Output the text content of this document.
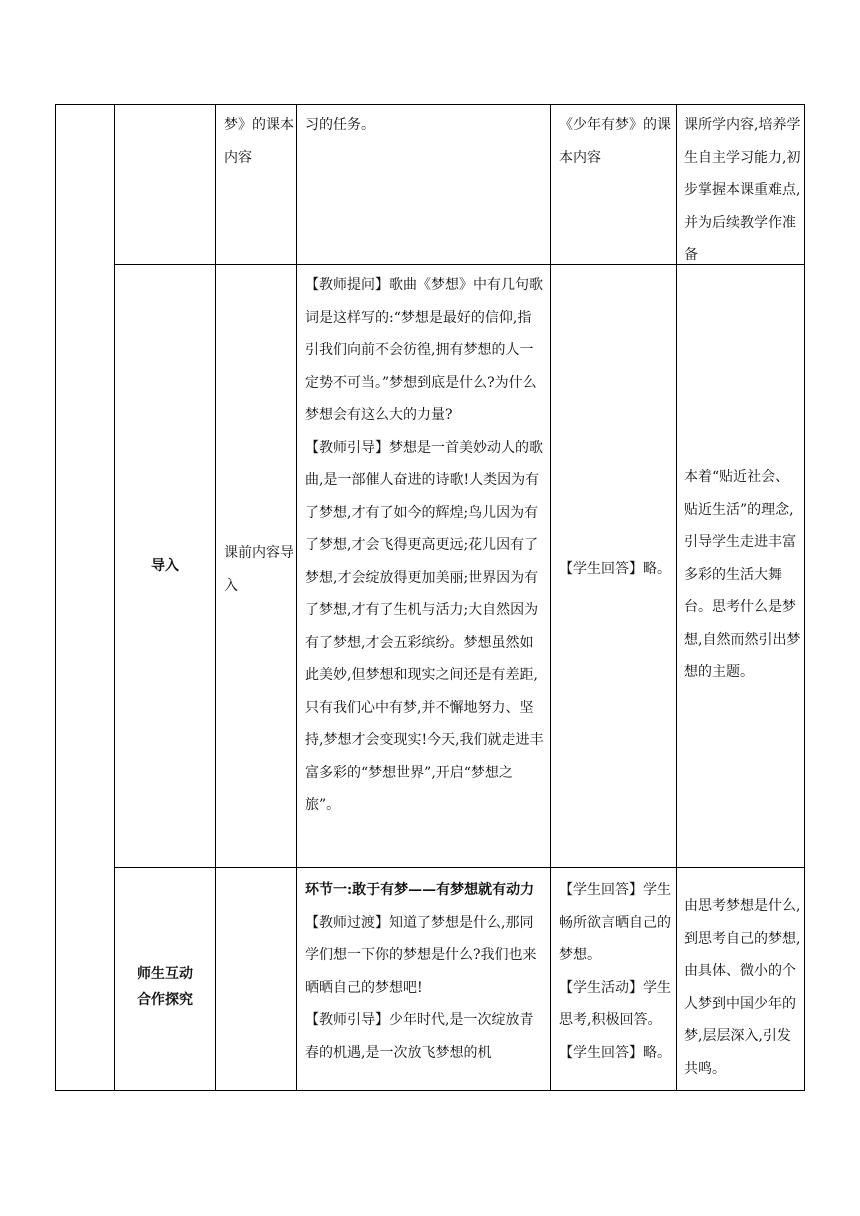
梦》的课本内容

习的任务。	《少年有梦》的课本内容

课所学内容,培养学生自主学习能力,初步掌握本课重难点,并为后续教学作准备

导入

课前内容导入

【教师提问】歌曲《梦想》中有几句歌词是这样写的:“梦想是最好的信仰,指引我们向前不会彷徨,拥有梦想的人一定势不可当。”梦想到底是什么?为什么梦想会有这么大的力量?

【教师引导】梦想是一首美妙动人的歌曲,是一部催人奋进的诗歌!人类因为有了梦想,才有了如今的辉煌;鸟儿因为有了梦想,才会飞得更高更远;花儿因有了梦想,才会绽放得更加美丽;世界因为有了梦想,才有了生机与活力;大自然因为有了梦想,才会五彩缤纷。梦想虽然如此美妙,但梦想和现实之间还是有差距,只有我们心中有梦,并不懈地努力、坚持,梦想才会变现实!今天,我们就走进丰富多彩的“梦想世界”,开启“梦想之旅”。

【学生回答】略。

本着“贴近社会、贴近生活”的理念,引导学生走进丰富多彩的生活大舞台。思考什么是梦想,自然而然引出梦想的主题。

师生互动合作探究

环节一:敢于有梦——有梦想就有动力

【教师过渡】知道了梦想是什么,那同学们想一下你的梦想是什么?我们也来晒晒自己的梦想吧!

【教师引导】少年时代,是一次绽放青春的机遇,是一次放飞梦想的机

【学生回答】学生畅所欲言晒自己的梦想。

【学生活动】学生思考,积极回答。

【学生回答】略。

由思考梦想是什么,到思考自己的梦想,由具体、微小的个人梦到中国少年的梦,层层深入,引发共鸣。
